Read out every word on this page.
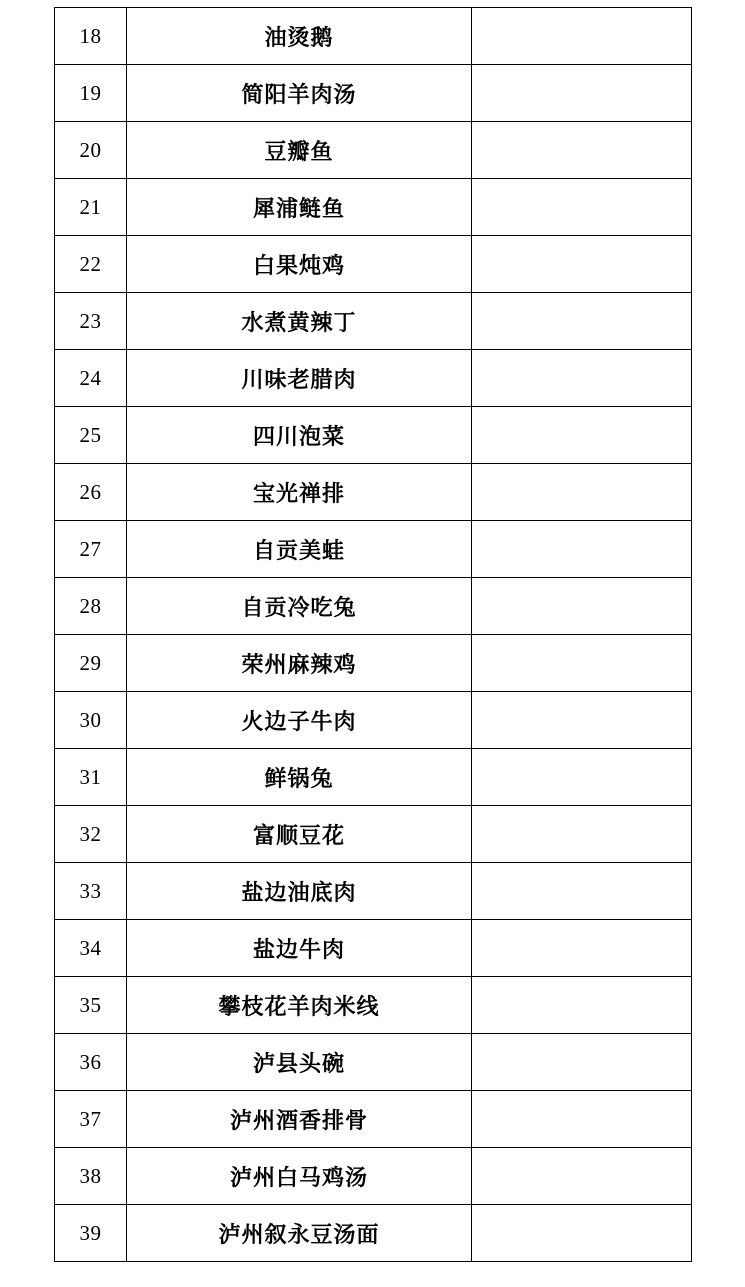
18	油烫鹅	
19	简阳羊肉汤	
20	豆瓣鱼	
21	犀浦鲢鱼	
22	白果炖鸡	
23	水煮黄辣丁	
24	川味老腊肉	
25	四川泡菜	
26	宝光禅排	
27	自贡美蛙	
28	自贡冷吃兔	
29	荣州麻辣鸡	
30	火边子牛肉	
31	鲜锅兔	
32	富顺豆花	
33	盐边油底肉	
34	盐边牛肉	
35	攀枝花羊肉米线	
36	泸县头碗	
37	泸州酒香排骨	
38	泸州白马鸡汤	
39	泸州叙永豆汤面	
